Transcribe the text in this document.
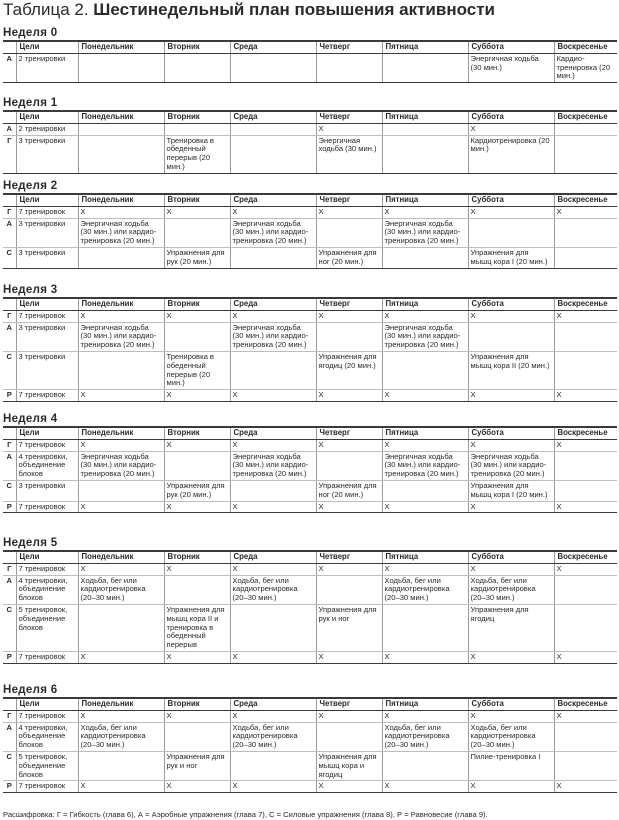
Таблица 2. Шестинедельный план повышения активности
Неделя 0
	Цели	Понедельник	Вторник	Среда	Четверг	Пятница	Суббота	Воскресенье
А	2 тренировки						Энергичная ходьба (30 мин.)	Кардио-тренировка (20 мин.)
Неделя 1
	Цели	Понедельник	Вторник	Среда	Четверг	Пятница	Суббота	Воскресенье
А	2 тренировки				Х		Х	
Г	3 тренировки		Тренировка в обеденный перерыв (20 мин.)		Энергичная ходьба (30 мин.)		Кардиотренировка (20 мин.)	
Неделя 2
	Цели	Понедельник	Вторник	Среда	Четверг	Пятница	Суббота	Воскресенье
Г	7 тренировок	Х	Х	Х	Х	Х	Х	Х
А	3 тренировки	Энергичная ходьба (30 мин.) или кардио-тренировка (20 мин.)		Энергичная ходьба (30 мин.) или кардио-тренировка (20 мин.)		Энергичная ходьба (30 мин.) или кардио-тренировка (20 мин.)		
С	3 тренировки		Упражнения для рук (20 мин.)		Упражнения для ног (20 мин.)		Упражнения для мышц кора I (20 мин.)	
Неделя 3
	Цели	Понедельник	Вторник	Среда	Четверг	Пятница	Суббота	Воскресенье
Г	7 тренировок	Х	Х	Х	Х	Х	Х	Х
А	3 тренировки	Энергичная ходьба (30 мин.) или кардио-тренировка (20 мин.)		Энергичная ходьба (30 мин.) или кардио-тренировка (20 мин.)		Энергичная ходьба (30 мин.) или кардио-тренировка (20 мин.)		
С	3 тренировки		Тренировка в обеденный перерыв (20 мин.)		Упражнения для ягодиц (20 мин.)		Упражнения для мышц кора II (20 мин.)	
Р	7 тренировок	Х	Х	Х	Х	Х	Х	Х
Неделя 4
	Цели	Понедельник	Вторник	Среда	Четверг	Пятница	Суббота	Воскресенье
Г	7 тренировок	Х	Х	Х	Х	Х	Х	Х
А	4 тренировки, объединение блоков	Энергичная ходьба (30 мин.) или кардио-тренировка (20 мин.)		Энергичная ходьба (30 мин.) или кардио-тренировка (20 мин.)		Энергичная ходьба (30 мин.) или кардио-тренировка (20 мин.)	Энергичная ходьба (30 мин.) или кардио-тренировка (20 мин.)	
С	3 тренировки		Упражнения для рук (20 мин.)		Упражнения для ног (20 мин.)		Упражнения для мышц кора I (20 мин.)	
Р	7 тренировок	Х	Х	Х	Х	Х	Х	Х
Неделя 5
	Цели	Понедельник	Вторник	Среда	Четверг	Пятница	Суббота	Воскресенье
Г	7 тренировок	Х	Х	Х	Х	Х	Х	Х
А	4 тренировки, объединение блоков	Ходьба, бег или кардиотренировка (20–30 мин.)		Ходьба, бег или кардиотренировка (20–30 мин.)		Ходьба, бег или кардиотренировка (20–30 мин.)	Ходьба, бег или кардиотренировка (20–30 мин.)	
С	5 тренировок, объединение блоков		Упражнения для мышц кора II и тренировка в обеденный перерыв		Упражнения для рук и ног		Упражнения для ягодиц	
Р	7 тренировок	Х	Х	Х	Х	Х	Х	Х
Неделя 6
	Цели	Понедельник	Вторник	Среда	Четверг	Пятница	Суббота	Воскресенье
Г	7 тренировок	Х	Х	Х	Х	Х	Х	Х
А	4 тренировки, объединение блоков	Ходьба, бег или кардиотренировка (20–30 мин.)		Ходьба, бег или кардиотренировка (20–30 мин.)		Ходьба, бег или кардиотренировка (20–30 мин.)	Ходьба, бег или кардиотренировка (20–30 мин.)	
С	5 тренировок, объединение блоков		Упражнения для рук и ног		Упражнения для мышц кора и ягодиц		Пилие-тренировка I	
Р	7 тренировок	Х	Х	Х	Х	Х	Х	Х
Расшифровка: Г = Гибкость (глава 6), А = Аэробные упражнения (глава 7), С = Силовые упражнения (глава 8), Р = Равновесие (глава 9).
